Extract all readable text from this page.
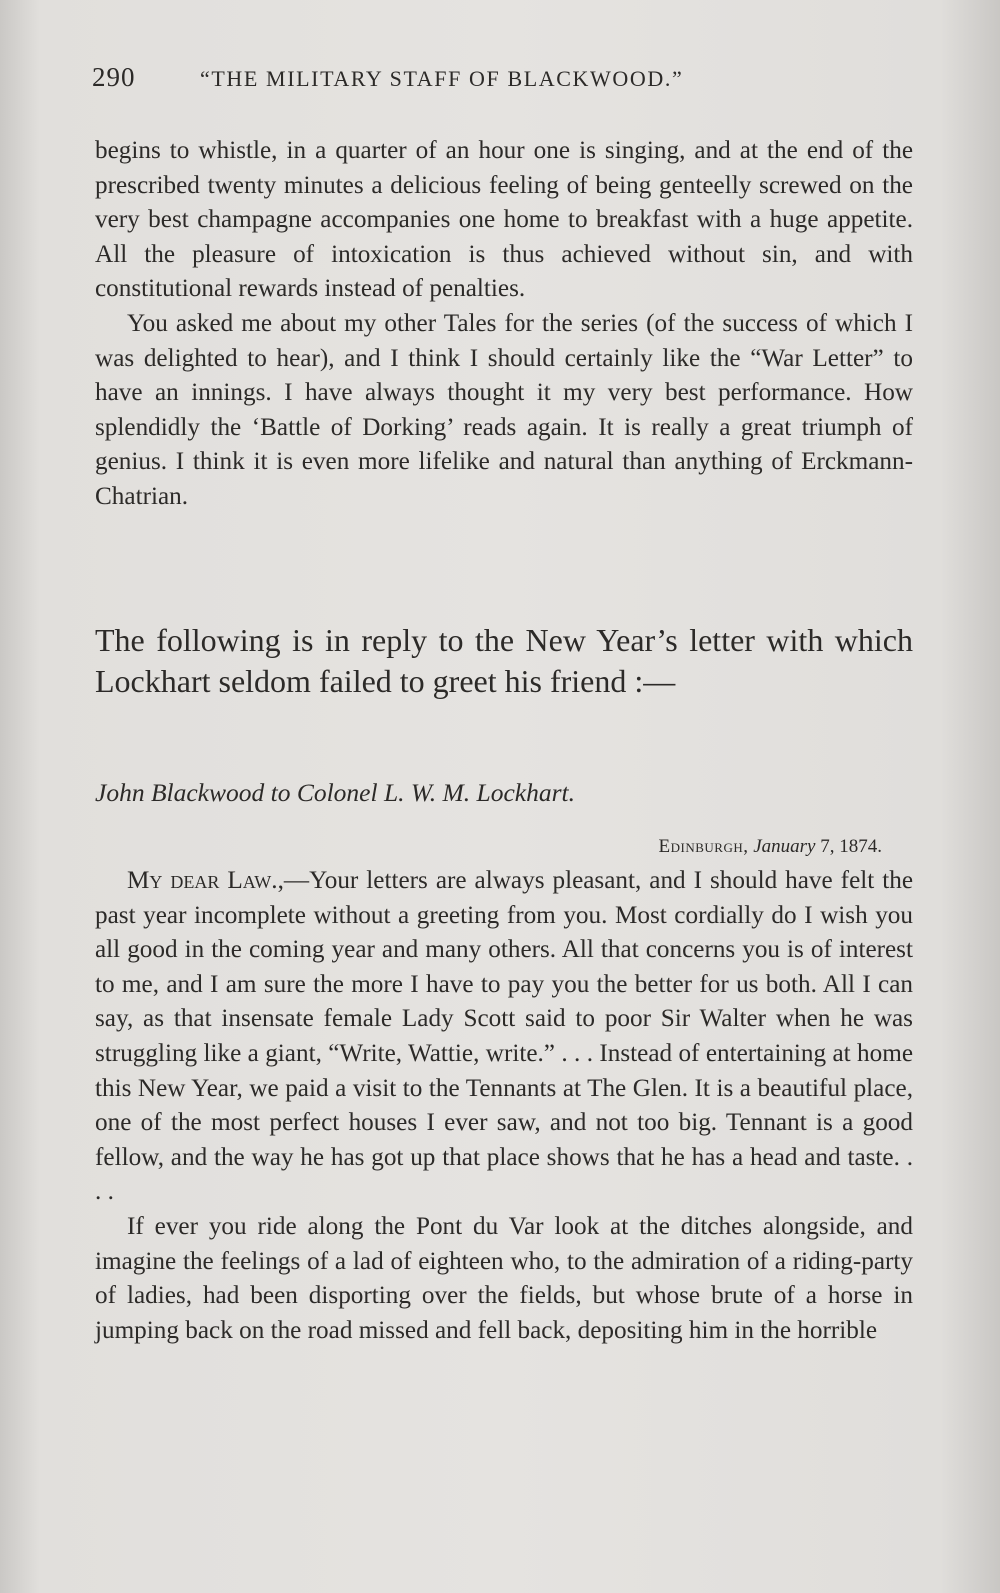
290	“THE MILITARY STAFF OF BLACKWOOD.”

begins to whistle, in a quarter of an hour one is singing, and at the end of the prescribed twenty minutes a delicious feeling of being genteelly screwed on the very best champagne accompanies one home to breakfast with a huge appetite. All the pleasure of intoxication is thus achieved without sin, and with constitutional rewards instead of penalties.

You asked me about my other Tales for the series (of the success of which I was delighted to hear), and I think I should certainly like the “War Letter” to have an innings. I have always thought it my very best performance. How splendidly the ‘Battle of Dorking’ reads again. It is really a great triumph of genius. I think it is even more lifelike and natural than anything of Erckmann-Chatrian.

The following is in reply to the New Year’s letter with which Lockhart seldom failed to greet his friend :—
John Blackwood to Colonel L. W. M. Lockhart.
Edinburgh, January 7, 1874.

My dear Law.,—Your letters are always pleasant, and I should have felt the past year incomplete without a greeting from you. Most cordially do I wish you all good in the coming year and many others. All that concerns you is of interest to me, and I am sure the more I have to pay you the better for us both. All I can say, as that insensate female Lady Scott said to poor Sir Walter when he was struggling like a giant, “Write, Wattie, write.” . . . Instead of entertaining at home this New Year, we paid a visit to the Tennants at The Glen. It is a beautiful place, one of the most perfect houses I ever saw, and not too big. Tennant is a good fellow, and the way he has got up that place shows that he has a head and taste. . . .

If ever you ride along the Pont du Var look at the ditches alongside, and imagine the feelings of a lad of eighteen who, to the admiration of a riding-party of ladies, had been disporting over the fields, but whose brute of a horse in jumping back on the road missed and fell back, depositing him in the horrible
